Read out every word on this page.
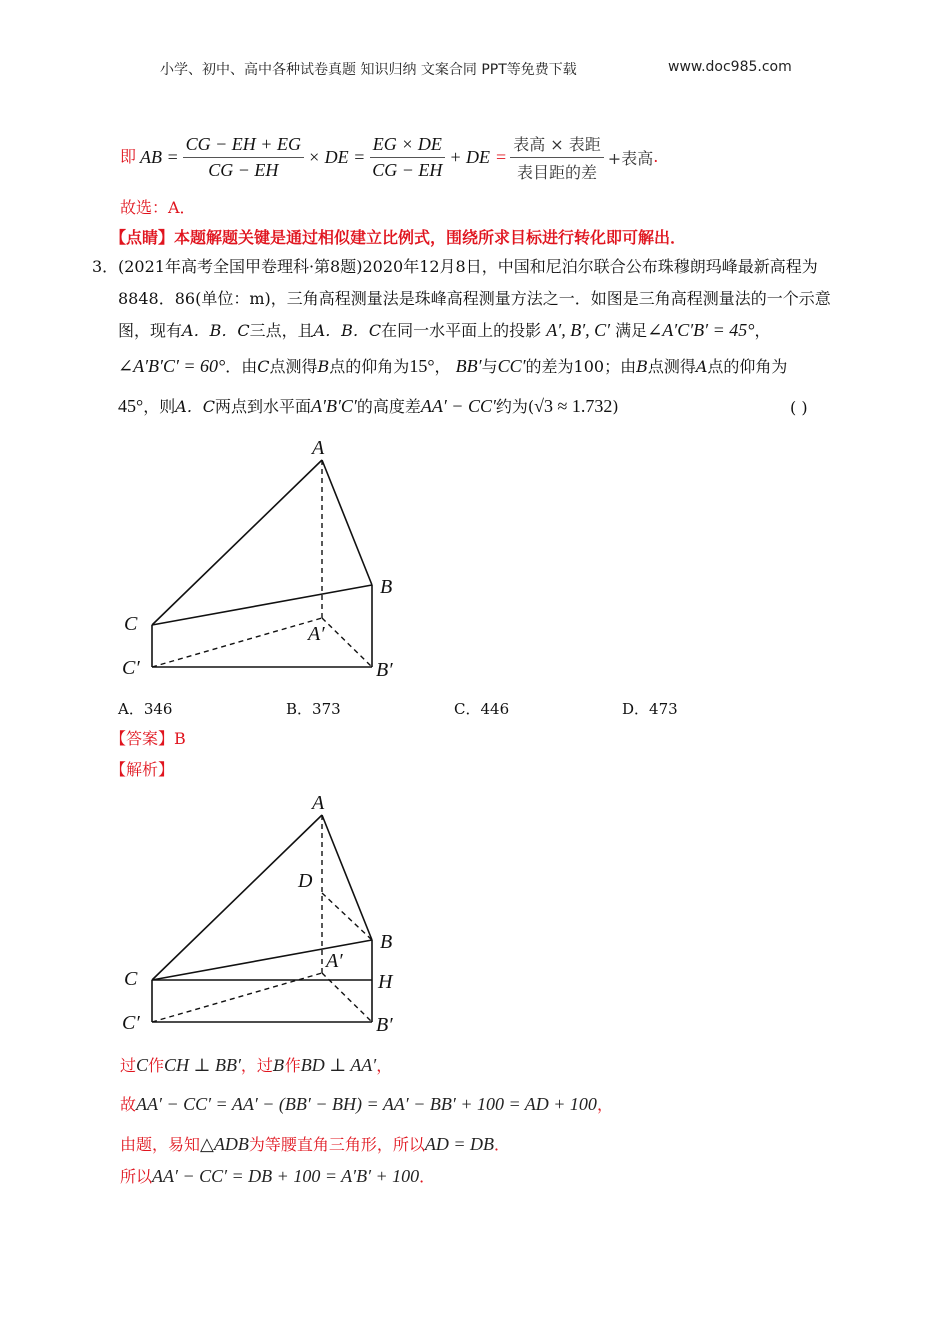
小学、初中、高中各种试卷真题 知识归纳 文案合同 PPT等免费下载	www.doc985.com
即 AB = $\frac{CG - EH + EG}{CG - EH}$ × DE = $\frac{EG \times DE}{CG - EH}$ + DE = $\frac{\text{表高 × 表距}}{\text{表目距的差}}$ +表高 .
故选：A．
【点睛】本题解题关键是通过相似建立比例式，围绕所求目标进行转化即可解出．
3． (2021年高考全国甲卷理科·第8题)2020年12月8日，中国和尼泊尔联合公布珠穆朗玛峰最新高程为
8848．86(单位：m)，三角高程测量法是珠峰高程测量方法之一．如图是三角高程测量法的一个示意
图，现有A．B．C三点，且A．B．C在同一水平面上的投影 A′, B′, C′ 满足∠A′C′B′ = 45°，
∠A′B′C′ = 60°．由C点测得B点的仰角为15°， BB′与CC′的差为100；由B点测得A点的仰角为
45°，则A．C两点到水平面A′B′C′的高度差AA′ − CC′约为(√3 ≈ 1.732)	( )
A
B
C	A′
C′	B′
A．346	B．373	C．446	D．473
【答案】B
【解析】
A
D
B
C
A′
H
C′	B′
过C作CH ⊥ BB′，过B作BD ⊥ AA′，
故AA′ − CC′ = AA′ − (BB′ − BH) = AA′ − BB′ + 100 = AD + 100，
由题，易知△ADB为等腰直角三角形，所以AD = DB．
所以AA′ − CC′ = DB + 100 = A′B′ + 100．
